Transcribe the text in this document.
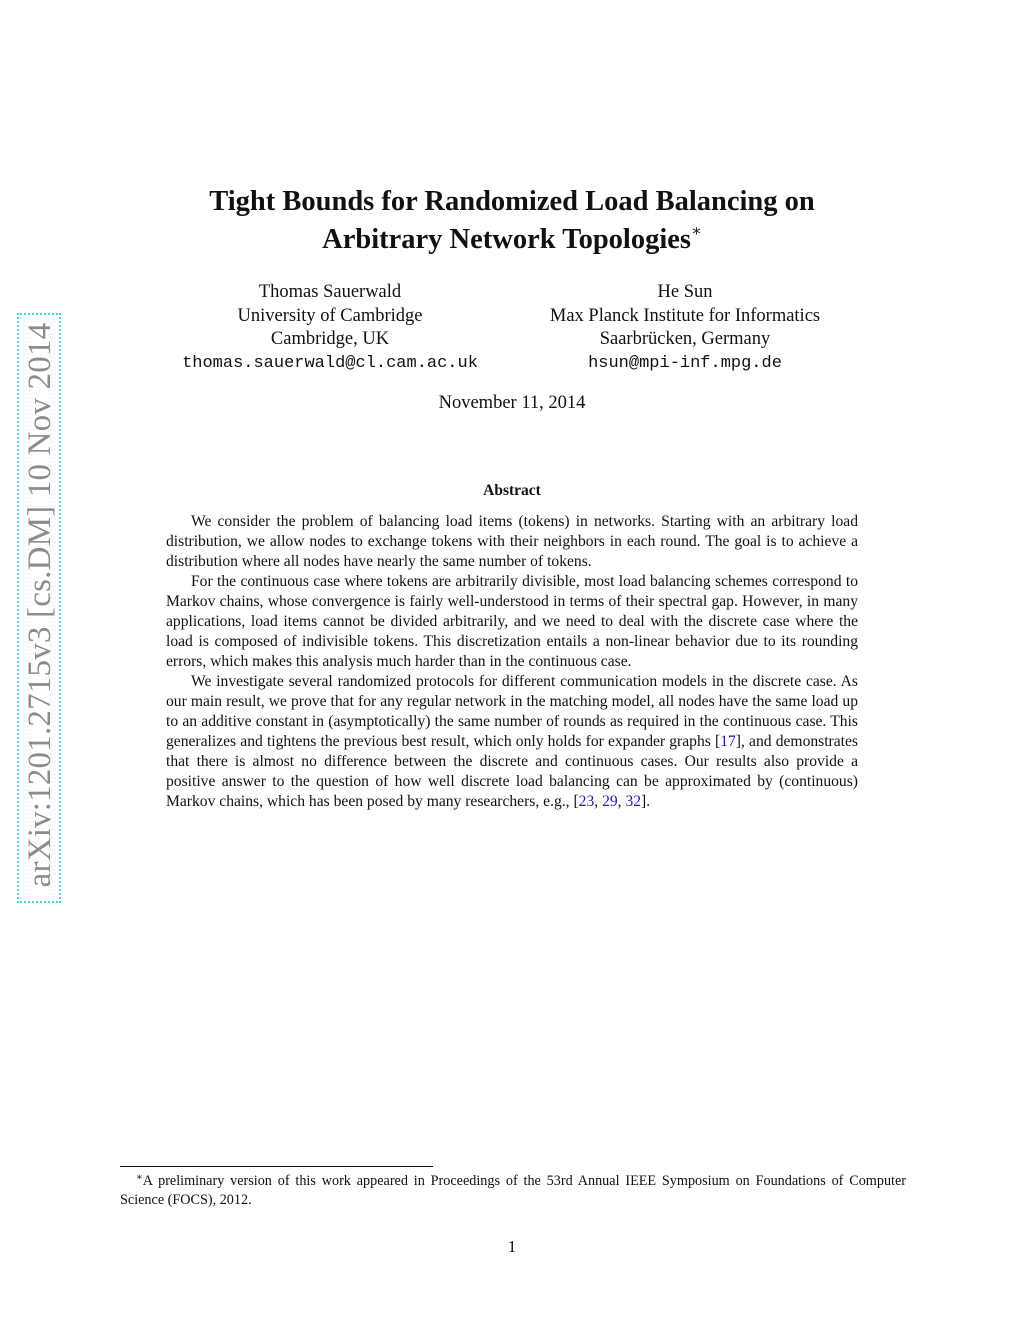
arXiv:1201.2715v3 [cs.DM] 10 Nov 2014
Tight Bounds for Randomized Load Balancing on
Arbitrary Network Topologies∗
Thomas Sauerwald
University of Cambridge
Cambridge, UK
thomas.sauerwald@cl.cam.ac.uk
He Sun
Max Planck Institute for Informatics
Saarbrücken, Germany
hsun@mpi-inf.mpg.de
November 11, 2014
Abstract

We consider the problem of balancing load items (tokens) in networks. Starting with an arbitrary load distribution, we allow nodes to exchange tokens with their neighbors in each round. The goal is to achieve a distribution where all nodes have nearly the same number of tokens.

For the continuous case where tokens are arbitrarily divisible, most load balancing schemes correspond to Markov chains, whose convergence is fairly well-understood in terms of their spectral gap. However, in many applications, load items cannot be divided arbitrarily, and we need to deal with the discrete case where the load is composed of indivisible tokens. This discretization entails a non-linear behavior due to its rounding errors, which makes this analysis much harder than in the continuous case.

We investigate several randomized protocols for different communication models in the discrete case. As our main result, we prove that for any regular network in the matching model, all nodes have the same load up to an additive constant in (asymptotically) the same number of rounds as required in the continuous case. This generalizes and tightens the previous best result, which only holds for expander graphs [17], and demonstrates that there is almost no difference between the discrete and continuous cases. Our results also provide a positive answer to the question of how well discrete load balancing can be approximated by (continuous) Markov chains, which has been posed by many researchers, e.g., [23, 29, 32].

∗A preliminary version of this work appeared in Proceedings of the 53rd Annual IEEE Symposium on Foundations of Computer Science (FOCS), 2012.
1
